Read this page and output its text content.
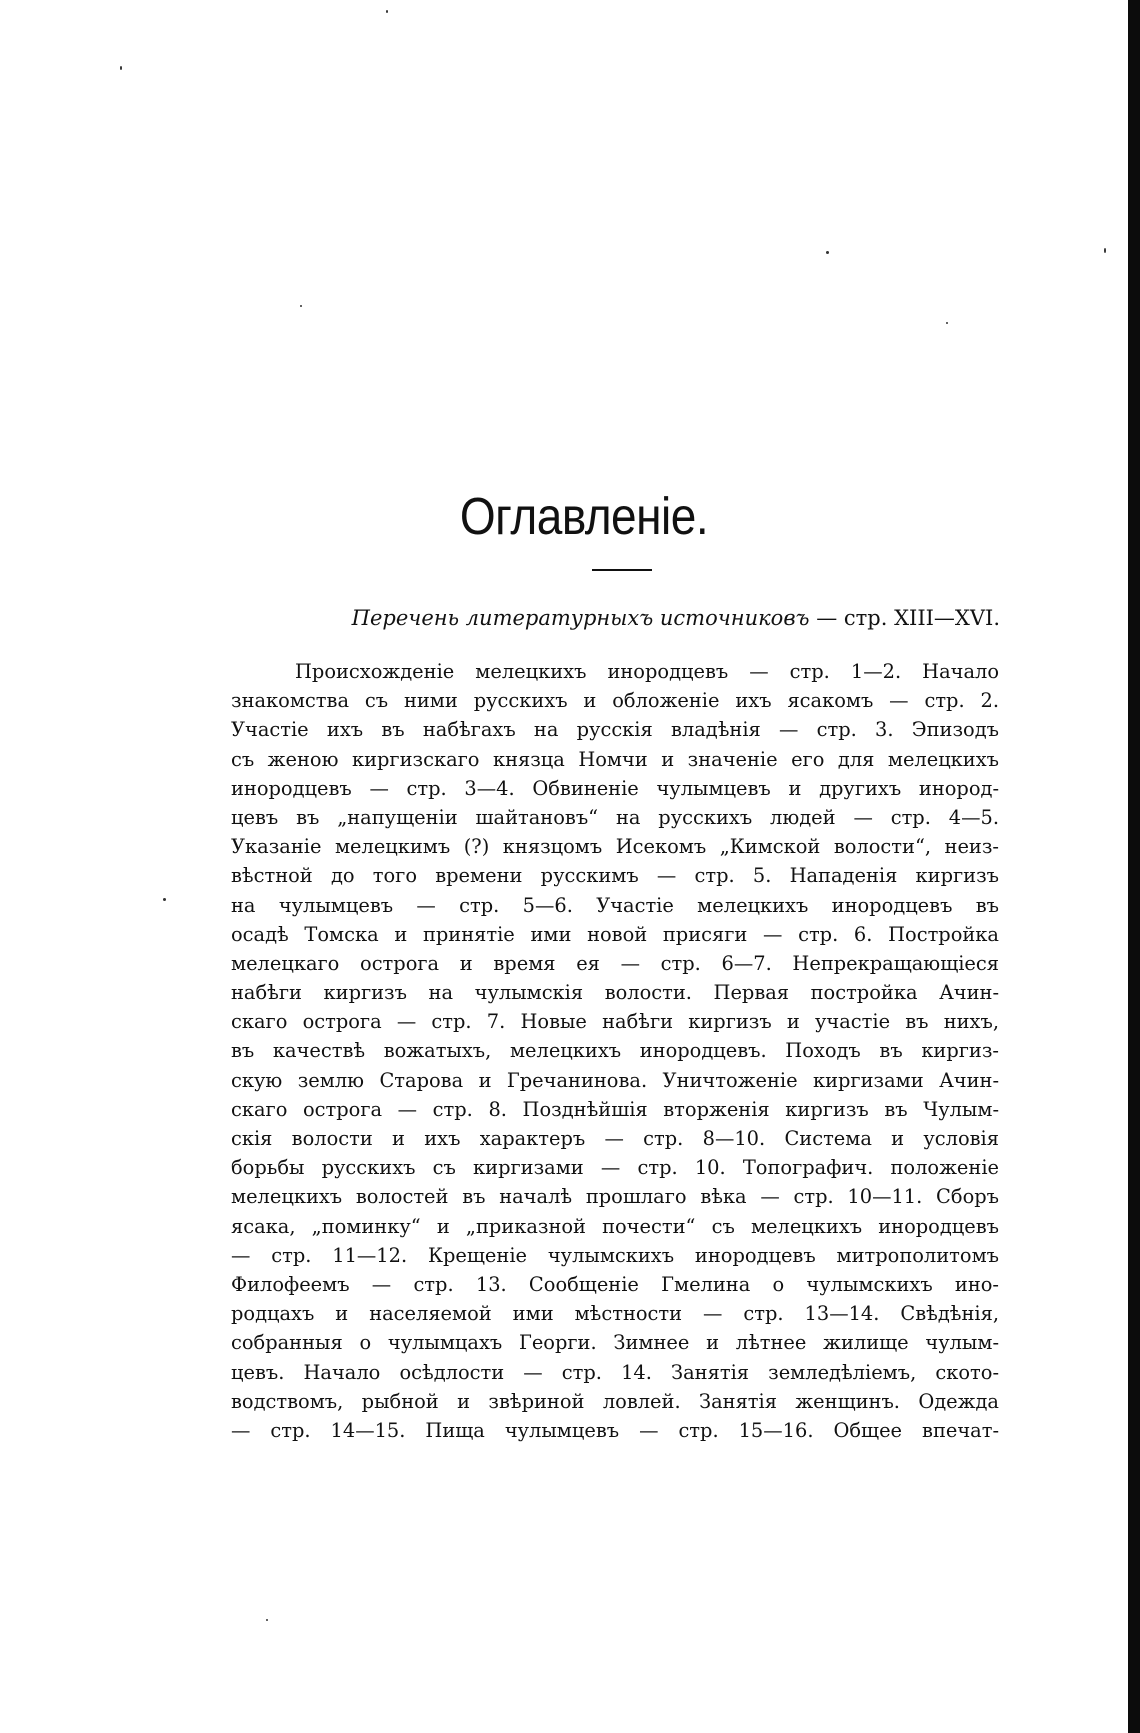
Оглавленіе.
Перечень литературныхъ источниковъ — стр. XIII—XVI.
Происхожденіе мелецкихъ инородцевъ — стр. 1—2. Начало
знакомства съ ними русскихъ и обложеніе ихъ ясакомъ — стр. 2.
Участіе ихъ въ набѣгахъ на русскія владѣнія — стр. 3. Эпизодъ
съ женою киргизскаго князца Номчи и значеніе его для мелецкихъ
инородцевъ — стр. 3—4. Обвиненіе чулымцевъ и другихъ инород-
цевъ въ „напущеніи шайтановъ“ на русскихъ людей — стр. 4—5.
Указаніе мелецкимъ (?) князцомъ Исекомъ „Кимской волости“, неиз-
вѣстной до того времени русскимъ — стр. 5. Нападенія киргизъ
на чулымцевъ — стр. 5—6. Участіе мелецкихъ инородцевъ въ
осадѣ Томска и принятіе ими новой присяги — стр. 6. Постройка
мелецкаго острога и время ея — стр. 6—7. Непрекращающіеся
набѣги киргизъ на чулымскія волости. Первая постройка Ачин-
скаго острога — стр. 7. Новые набѣги киргизъ и участіе въ нихъ,
въ качествѣ вожатыхъ, мелецкихъ инородцевъ. Походъ въ киргиз-
скую землю Старова и Гречанинова. Уничтоженіе киргизами Ачин-
скаго острога — стр. 8. Позднѣйшія вторженія киргизъ въ Чулым-
скія волости и ихъ характеръ — стр. 8—10. Система и условія
борьбы русскихъ съ киргизами — стр. 10. Топографич. положеніе
мелецкихъ волостей въ началѣ прошлаго вѣка — стр. 10—11. Сборъ
ясака, „поминку“ и „приказной почести“ съ мелецкихъ инородцевъ
— стр. 11—12. Крещеніе чулымскихъ инородцевъ митрополитомъ
Филофеемъ — стр. 13. Сообщеніе Гмелина о чулымскихъ ино-
родцахъ и населяемой ими мѣстности — стр. 13—14. Свѣдѣнія,
собранныя о чулымцахъ Георги. Зимнее и лѣтнее жилище чулым-
цевъ. Начало осѣдлости — стр. 14. Занятія земледѣліемъ, ското-
водствомъ, рыбной и звѣриной ловлей. Занятія женщинъ. Одежда
— стр. 14—15. Пища чулымцевъ — стр. 15—16. Общее впечат-
